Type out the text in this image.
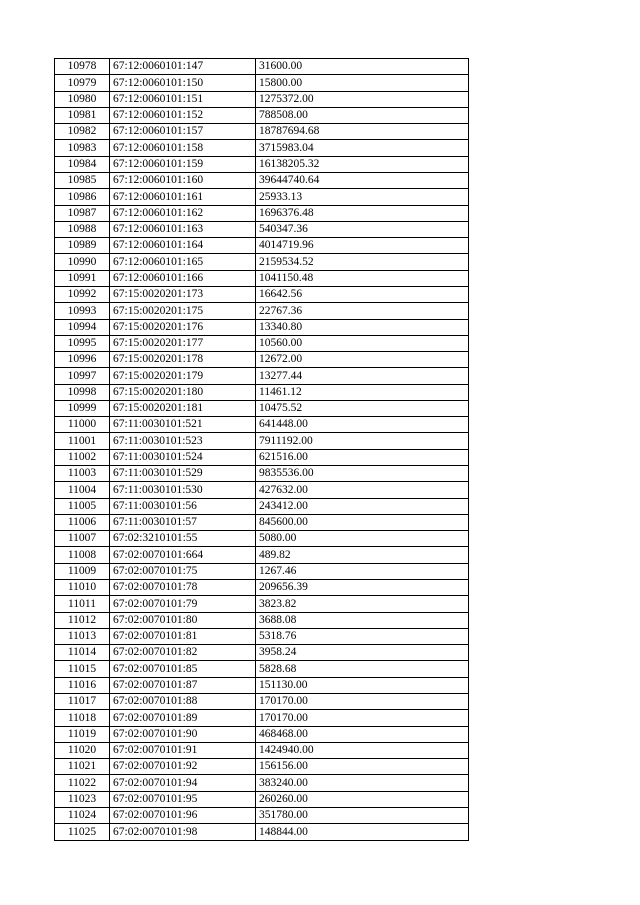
10978	67:12:0060101:147	31600.00
10979	67:12:0060101:150	15800.00
10980	67:12:0060101:151	1275372.00
10981	67:12:0060101:152	788508.00
10982	67:12:0060101:157	18787694.68
10983	67:12:0060101:158	3715983.04
10984	67:12:0060101:159	16138205.32
10985	67:12:0060101:160	39644740.64
10986	67:12:0060101:161	25933.13
10987	67:12:0060101:162	1696376.48
10988	67:12:0060101:163	540347.36
10989	67:12:0060101:164	4014719.96
10990	67:12:0060101:165	2159534.52
10991	67:12:0060101:166	1041150.48
10992	67:15:0020201:173	16642.56
10993	67:15:0020201:175	22767.36
10994	67:15:0020201:176	13340.80
10995	67:15:0020201:177	10560.00
10996	67:15:0020201:178	12672.00
10997	67:15:0020201:179	13277.44
10998	67:15:0020201:180	11461.12
10999	67:15:0020201:181	10475.52
11000	67:11:0030101:521	641448.00
11001	67:11:0030101:523	7911192.00
11002	67:11:0030101:524	621516.00
11003	67:11:0030101:529	9835536.00
11004	67:11:0030101:530	427632.00
11005	67:11:0030101:56	243412.00
11006	67:11:0030101:57	845600.00
11007	67:02:3210101:55	5080.00
11008	67:02:0070101:664	489.82
11009	67:02:0070101:75	1267.46
11010	67:02:0070101:78	209656.39
11011	67:02:0070101:79	3823.82
11012	67:02:0070101:80	3688.08
11013	67:02:0070101:81	5318.76
11014	67:02:0070101:82	3958.24
11015	67:02:0070101:85	5828.68
11016	67:02:0070101:87	151130.00
11017	67:02:0070101:88	170170.00
11018	67:02:0070101:89	170170.00
11019	67:02:0070101:90	468468.00
11020	67:02:0070101:91	1424940.00
11021	67:02:0070101:92	156156.00
11022	67:02:0070101:94	383240.00
11023	67:02:0070101:95	260260.00
11024	67:02:0070101:96	351780.00
11025	67:02:0070101:98	148844.00
